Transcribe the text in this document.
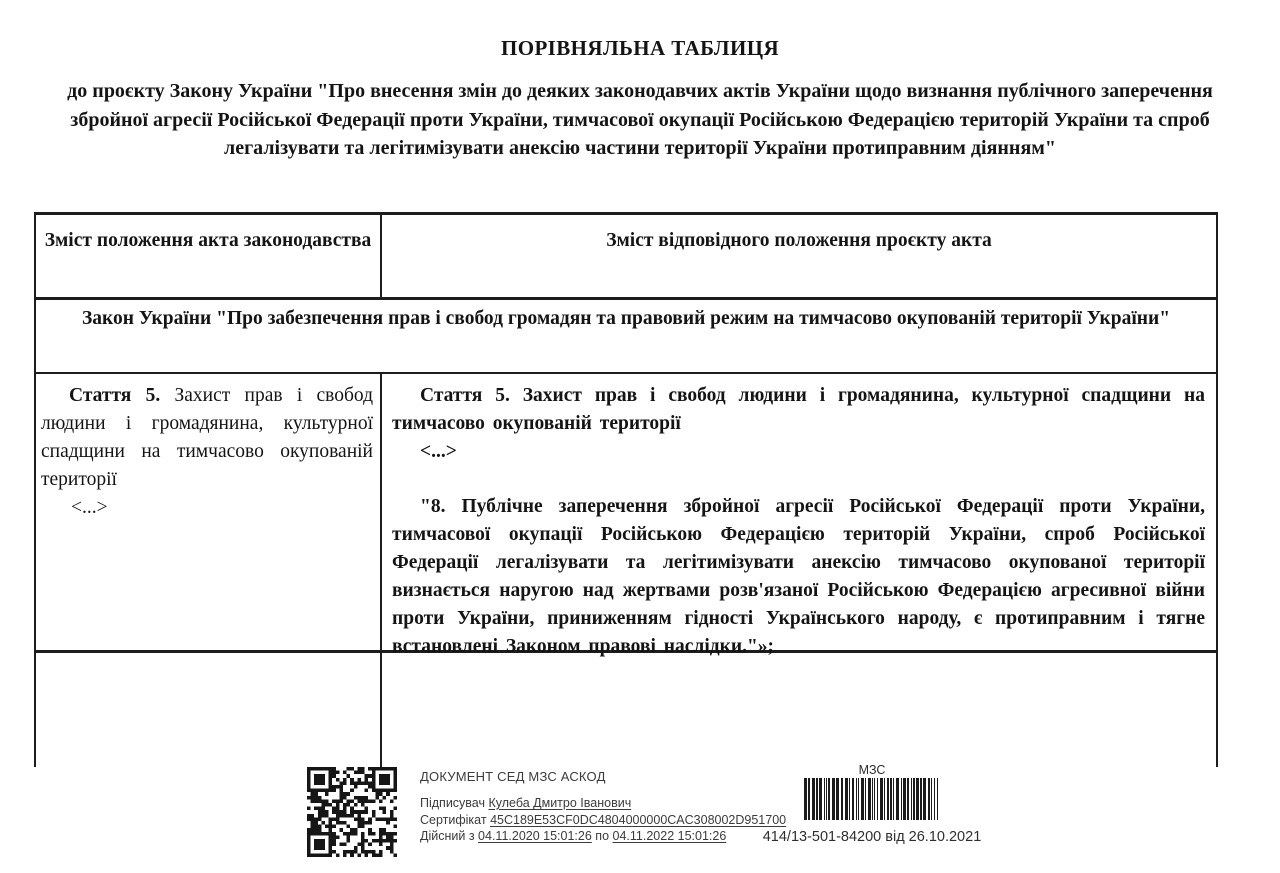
ПОРІВНЯЛЬНА ТАБЛИЦЯ
до проєкту Закону України "Про внесення змін до деяких законодавчих актів України щодо визнання публічного заперечення збройної агресії Російської Федерації проти України, тимчасової окупації Російською Федерацією територій України та спроб легалізувати та легітимізувати анексію частини території України протиправним діянням"
Зміст положення акта законодавства	Зміст відповідного положення проєкту акта
Закон України "Про забезпечення прав і свобод громадян та правовий режим на тимчасово окупованій території України"

Стаття 5. Захист прав і свобод людини і громадянина, культурної спадщини на тимчасово окупованій території

<...>

Стаття 5. Захист прав і свобод людини і громадянина, культурної спадщини на тимчасово окупованій території

<...>

"8. Публічне заперечення збройної агресії Російської Федерації проти України, тимчасової окупації Російською Федерацією територій України, спроб Російської Федерації легалізувати та легітимізувати анексію тимчасово окупованої території визнається наругою над жертвами розв'язаної Російською Федерацією агресивної війни проти України, приниженням гідності Українського народу, є протиправним і тягне встановлені Законом правові наслідки."»;

ДОКУМЕНТ СЕД МЗС АСКОД
Підписувач Кулеба Дмитро Іванович
Сертифікат 45C189E53CF0DC4804000000CAC308002D951700
Дійсний з 04.11.2020 15:01:26 по 04.11.2022 15:01:26
МЗС
414/13-501-84200 від 26.10.2021
